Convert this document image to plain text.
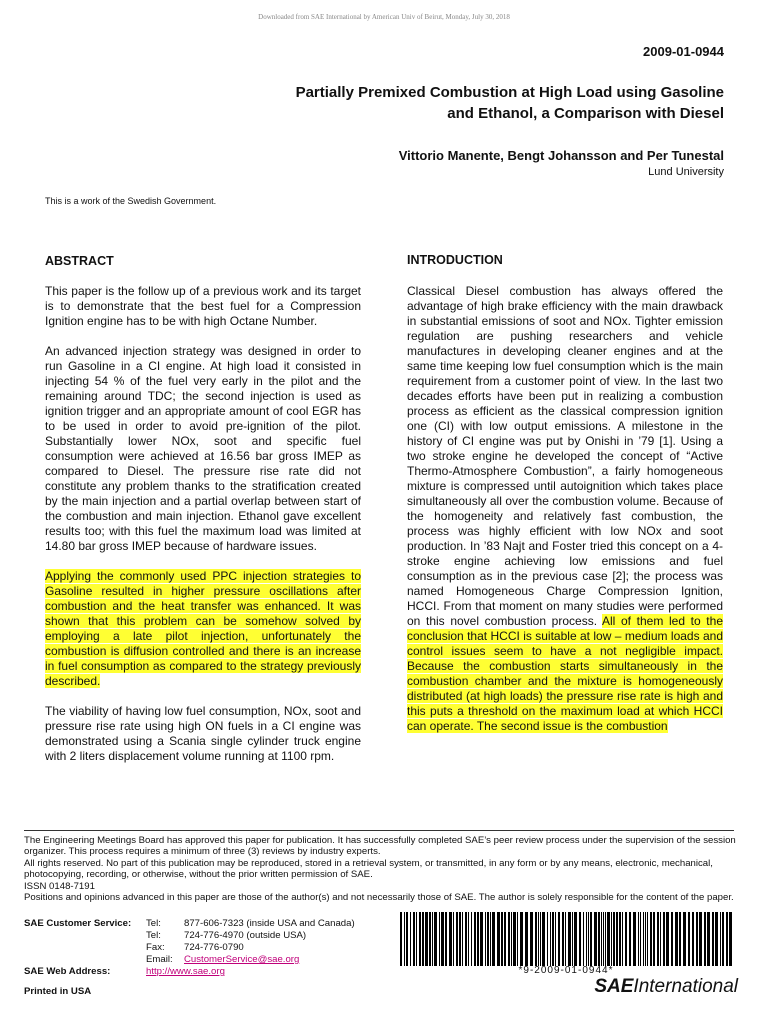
Downloaded from SAE International by American Univ of Beirut, Monday, July 30, 2018
2009-01-0944
Partially Premixed Combustion at High Load using Gasoline
and Ethanol, a Comparison with Diesel
Vittorio Manente, Bengt Johansson and Per Tunestal
Lund University
This is a work of the Swedish Government.
ABSTRACT

This paper is the follow up of a previous work and its target is to demonstrate that the best fuel for a Compression Ignition engine has to be with high Octane Number.

An advanced injection strategy was designed in order to run Gasoline in a CI engine. At high load it consisted in injecting 54 % of the fuel very early in the pilot and the remaining around TDC; the second injection is used as ignition trigger and an appropriate amount of cool EGR has to be used in order to avoid pre-ignition of the pilot. Substantially lower NOx, soot and specific fuel consumption were achieved at 16.56 bar gross IMEP as compared to Diesel. The pressure rise rate did not constitute any problem thanks to the stratification created by the main injection and a partial overlap between start of the combustion and main injection. Ethanol gave excellent results too; with this fuel the maximum load was limited at 14.80 bar gross IMEP because of hardware issues.

Applying the commonly used PPC injection strategies to Gasoline resulted in higher pressure oscillations after combustion and the heat transfer was enhanced. It was shown that this problem can be somehow solved by employing a late pilot injection, unfortunately the combustion is diffusion controlled and there is an increase in fuel consumption as compared to the strategy previously described.

The viability of having low fuel consumption, NOx, soot and pressure rise rate using high ON fuels in a CI engine was demonstrated using a Scania single cylinder truck engine with 2 liters displacement volume running at 1100 rpm.

INTRODUCTION

Classical Diesel combustion has always offered the advantage of high brake efficiency with the main drawback in substantial emissions of soot and NOx. Tighter emission regulation are pushing researchers and vehicle manufactures in developing cleaner engines and at the same time keeping low fuel consumption which is the main requirement from a customer point of view. In the last two decades efforts have been put in realizing a combustion process as efficient as the classical compression ignition one (CI) with low output emissions. A milestone in the history of CI engine was put by Onishi in ’79 [1]. Using a two stroke engine he developed the concept of “Active Thermo-Atmosphere Combustion”, a fairly homogeneous mixture is compressed until autoignition which takes place simultaneously all over the combustion volume. Because of the homogeneity and relatively fast combustion, the process was highly efficient with low NOx and soot production. In ’83 Najt and Foster tried this concept on a 4-stroke engine achieving low emissions and fuel consumption as in the previous case [2]; the process was named Homogeneous Charge Compression Ignition, HCCI. From that moment on many studies were performed on this novel combustion process. All of them led to the conclusion that HCCI is suitable at low – medium loads and control issues seem to have a not negligible impact. Because the combustion starts simultaneously in the combustion chamber and the mixture is homogeneously distributed (at high loads) the pressure rise rate is high and this puts a threshold on the maximum load at which HCCI can operate. The second issue is the combustion

The Engineering Meetings Board has approved this paper for publication. It has successfully completed SAE’s peer review process under the supervision of the session organizer. This process requires a minimum of three (3) reviews by industry experts.

All rights reserved. No part of this publication may be reproduced, stored in a retrieval system, or transmitted, in any form or by any means, electronic, mechanical, photocopying, recording, or otherwise, without the prior written permission of SAE.

ISSN 0148-7191

Positions and opinions advanced in this paper are those of the author(s) and not necessarily those of SAE. The author is solely responsible for the content of the paper.

SAE Customer Service: Tel: 877-606-7323 (inside USA and Canada)
Tel: 724-776-4970 (outside USA)
Fax: 724-776-0790
Email: CustomerService@sae.org
SAE Web Address:	http://www.sae.org
Printed in USA
*9-2009-01-0944*
SAEInternational
